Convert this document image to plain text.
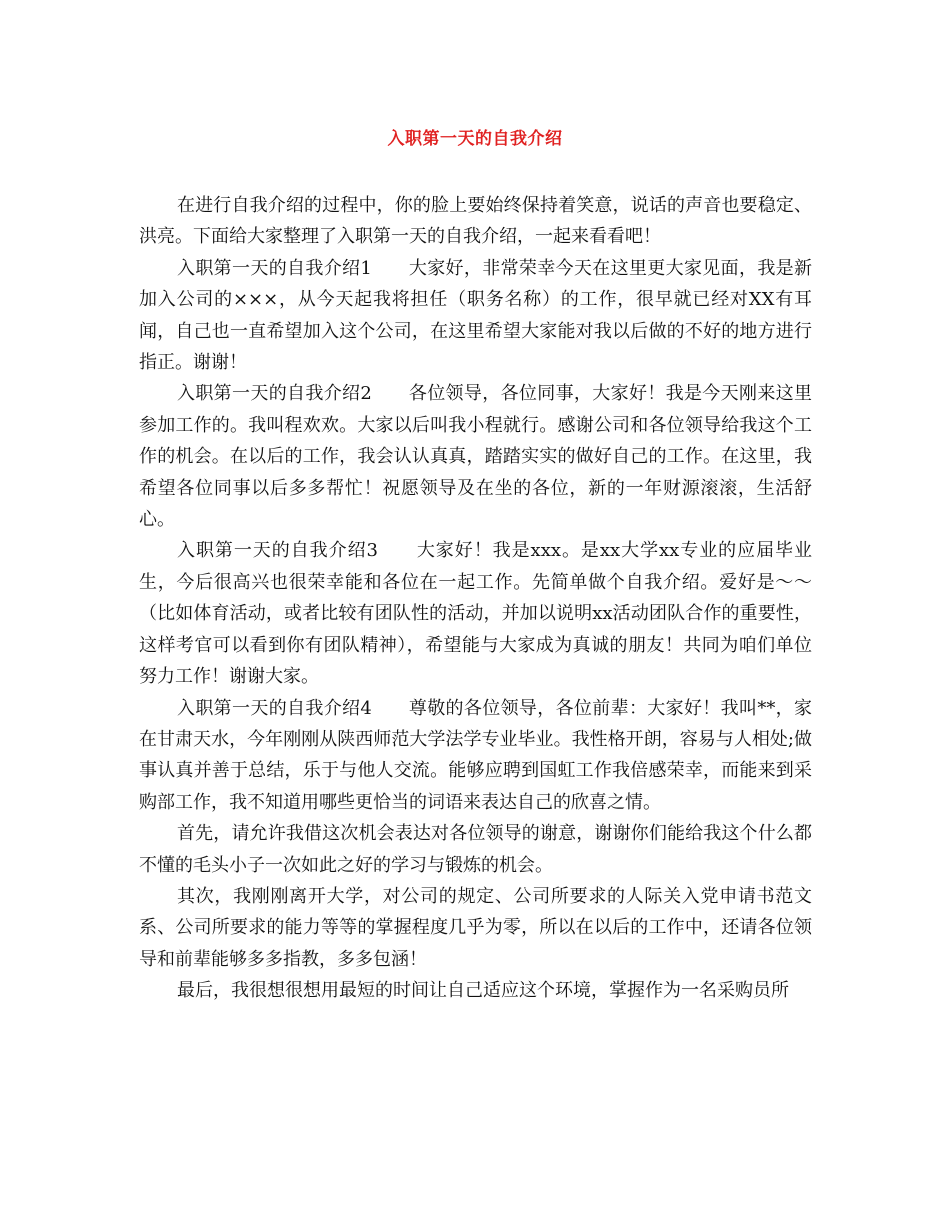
入职第一天的自我介绍

在进行自我介绍的过程中，你的脸上要始终保持着笑意，说话的声音也要稳定、洪亮。下面给大家整理了入职第一天的自我介绍，一起来看看吧！

入职第一天的自我介绍1　　大家好，非常荣幸今天在这里更大家见面，我是新加入公司的×××，从今天起我将担任（职务名称）的工作，很早就已经对XX有耳闻，自己也一直希望加入这个公司，在这里希望大家能对我以后做的不好的地方进行指正。谢谢！

入职第一天的自我介绍2　　各位领导，各位同事，大家好！我是今天刚来这里参加工作的。我叫程欢欢。大家以后叫我小程就行。感谢公司和各位领导给我这个工作的机会。在以后的工作，我会认认真真，踏踏实实的做好自己的工作。在这里，我希望各位同事以后多多帮忙！祝愿领导及在坐的各位，新的一年财源滚滚，生活舒心。

入职第一天的自我介绍3　　大家好！我是xxx。是xx大学xx专业的应届毕业生，今后很高兴也很荣幸能和各位在一起工作。先简单做个自我介绍。爱好是～～（比如体育活动，或者比较有团队性的活动，并加以说明xx活动团队合作的重要性，这样考官可以看到你有团队精神），希望能与大家成为真诚的朋友！共同为咱们单位努力工作！谢谢大家。

入职第一天的自我介绍4　　尊敬的各位领导，各位前辈：大家好！我叫**，家在甘肃天水，今年刚刚从陕西师范大学法学专业毕业。我性格开朗，容易与人相处;做事认真并善于总结，乐于与他人交流。能够应聘到国虹工作我倍感荣幸，而能来到采购部工作，我不知道用哪些更恰当的词语来表达自己的欣喜之情。

首先，请允许我借这次机会表达对各位领导的谢意，谢谢你们能给我这个什么都不懂的毛头小子一次如此之好的学习与锻炼的机会。

其次，我刚刚离开大学，对公司的规定、公司所要求的人际关入党申请书范文系、公司所要求的能力等等的掌握程度几乎为零，所以在以后的工作中，还请各位领导和前辈能够多多指教，多多包涵！

最后，我很想很想用最短的时间让自己适应这个环境，掌握作为一名采购员所
